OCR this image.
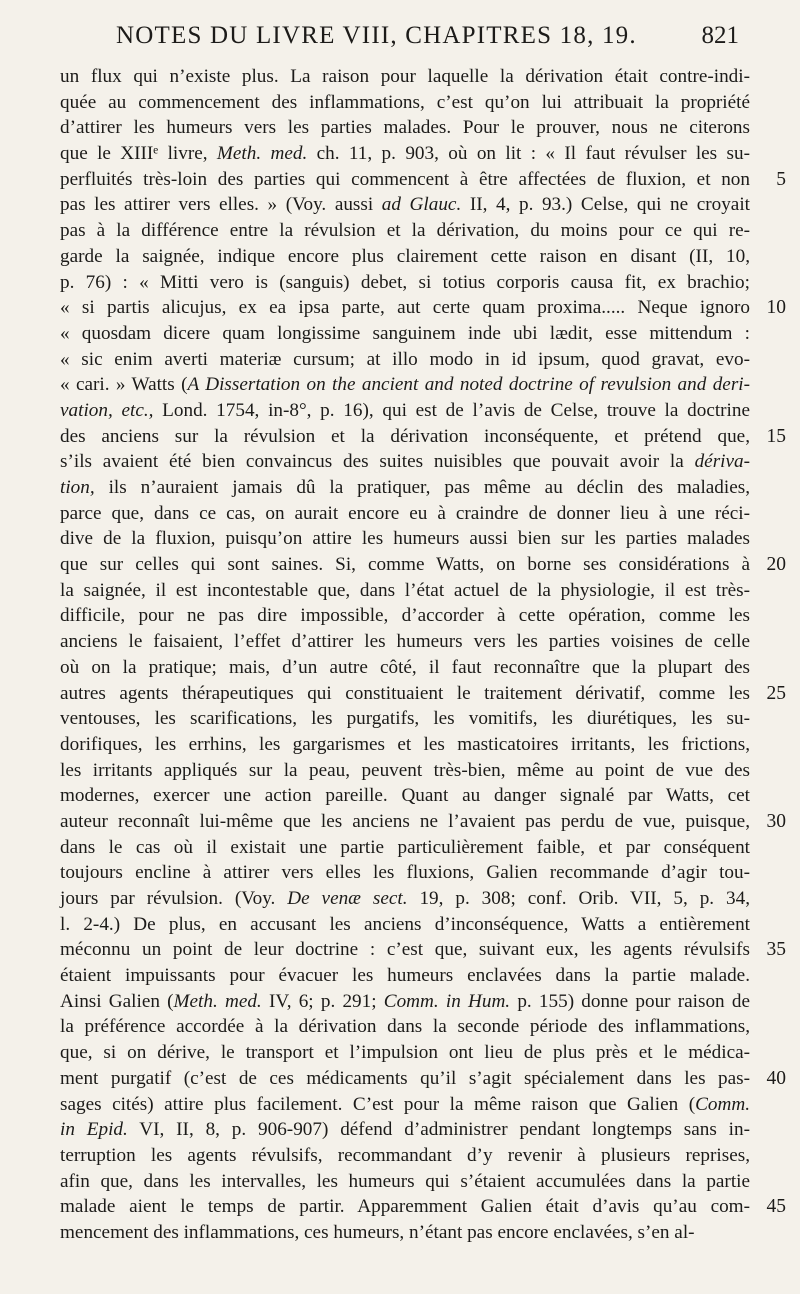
NOTES DU LIVRE VIII, CHAPITRES 18, 19.	821
un flux qui n’existe plus. La raison pour laquelle la dérivation était contre-indi-
quée au commencement des inflammations, c’est qu’on lui attribuait la propriété
d’attirer les humeurs vers les parties malades. Pour le prouver, nous ne citerons
que le XIIIᵉ livre, Meth. med. ch. 11, p. 903, où on lit : « Il faut révulser les su-
perfluités très-loin des parties qui commencent à être affectées de fluxion, et non	5
pas les attirer vers elles. » (Voy. aussi ad Glauc. II, 4, p. 93.) Celse, qui ne croyait
pas à la différence entre la révulsion et la dérivation, du moins pour ce qui re-
garde la saignée, indique encore plus clairement cette raison en disant (II, 10,
p. 76) : « Mitti vero is (sanguis) debet, si totius corporis causa fit, ex brachio;
« si partis alicujus, ex ea ipsa parte, aut certe quam proxima..... Neque ignoro 10
« quosdam dicere quam longissime sanguinem inde ubi lædit, esse mittendum :
« sic enim averti materiæ cursum; at illo modo in id ipsum, quod gravat, evo-
« cari. » Watts (A Dissertation on the ancient and noted doctrine of revulsion and deri-
vation, etc., Lond. 1754, in-8°, p. 16), qui est de l’avis de Celse, trouve la doctrine
des anciens sur la révulsion et la dérivation inconséquente, et prétend que, 15
s’ils avaient été bien convaincus des suites nuisibles que pouvait avoir la dériva-
tion, ils n’auraient jamais dû la pratiquer, pas même au déclin des maladies,
parce que, dans ce cas, on aurait encore eu à craindre de donner lieu à une réci-
dive de la fluxion, puisqu’on attire les humeurs aussi bien sur les parties malades
que sur celles qui sont saines. Si, comme Watts, on borne ses considérations à 20
la saignée, il est incontestable que, dans l’état actuel de la physiologie, il est très-
difficile, pour ne pas dire impossible, d’accorder à cette opération, comme les
anciens le faisaient, l’effet d’attirer les humeurs vers les parties voisines de celle
où on la pratique; mais, d’un autre côté, il faut reconnaître que la plupart des
autres agents thérapeutiques qui constituaient le traitement dérivatif, comme les 25
ventouses, les scarifications, les purgatifs, les vomitifs, les diurétiques, les su-
dorifiques, les errhins, les gargarismes et les masticatoires irritants, les frictions,
les irritants appliqués sur la peau, peuvent très-bien, même au point de vue des
modernes, exercer une action pareille. Quant au danger signalé par Watts, cet
auteur reconnaît lui-même que les anciens ne l’avaient pas perdu de vue, puisque, 30
dans le cas où il existait une partie particulièrement faible, et par conséquent
toujours encline à attirer vers elles les fluxions, Galien recommande d’agir tou-
jours par révulsion. (Voy. De venæ sect. 19, p. 308; conf. Orib. VII, 5, p. 34,
l. 2-4.) De plus, en accusant les anciens d’inconséquence, Watts a entièrement
méconnu un point de leur doctrine : c’est que, suivant eux, les agents révulsifs 35
étaient impuissants pour évacuer les humeurs enclavées dans la partie malade.
Ainsi Galien (Meth. med. IV, 6; p. 291; Comm. in Hum. p. 155) donne pour raison de
la préférence accordée à la dérivation dans la seconde période des inflammations,
que, si on dérive, le transport et l’impulsion ont lieu de plus près et le médica-
ment purgatif (c’est de ces médicaments qu’il s’agit spécialement dans les pas- 40
sages cités) attire plus facilement. C’est pour la même raison que Galien (Comm.
in Epid. VI, II, 8, p. 906-907) défend d’administrer pendant longtemps sans in-
terruption les agents révulsifs, recommandant d’y revenir à plusieurs reprises,
afin que, dans les intervalles, les humeurs qui s’étaient accumulées dans la partie
malade aient le temps de partir. Apparemment Galien était d’avis qu’au com- 45
mencement des inflammations, ces humeurs, n’étant pas encore enclavées, s’en al-
